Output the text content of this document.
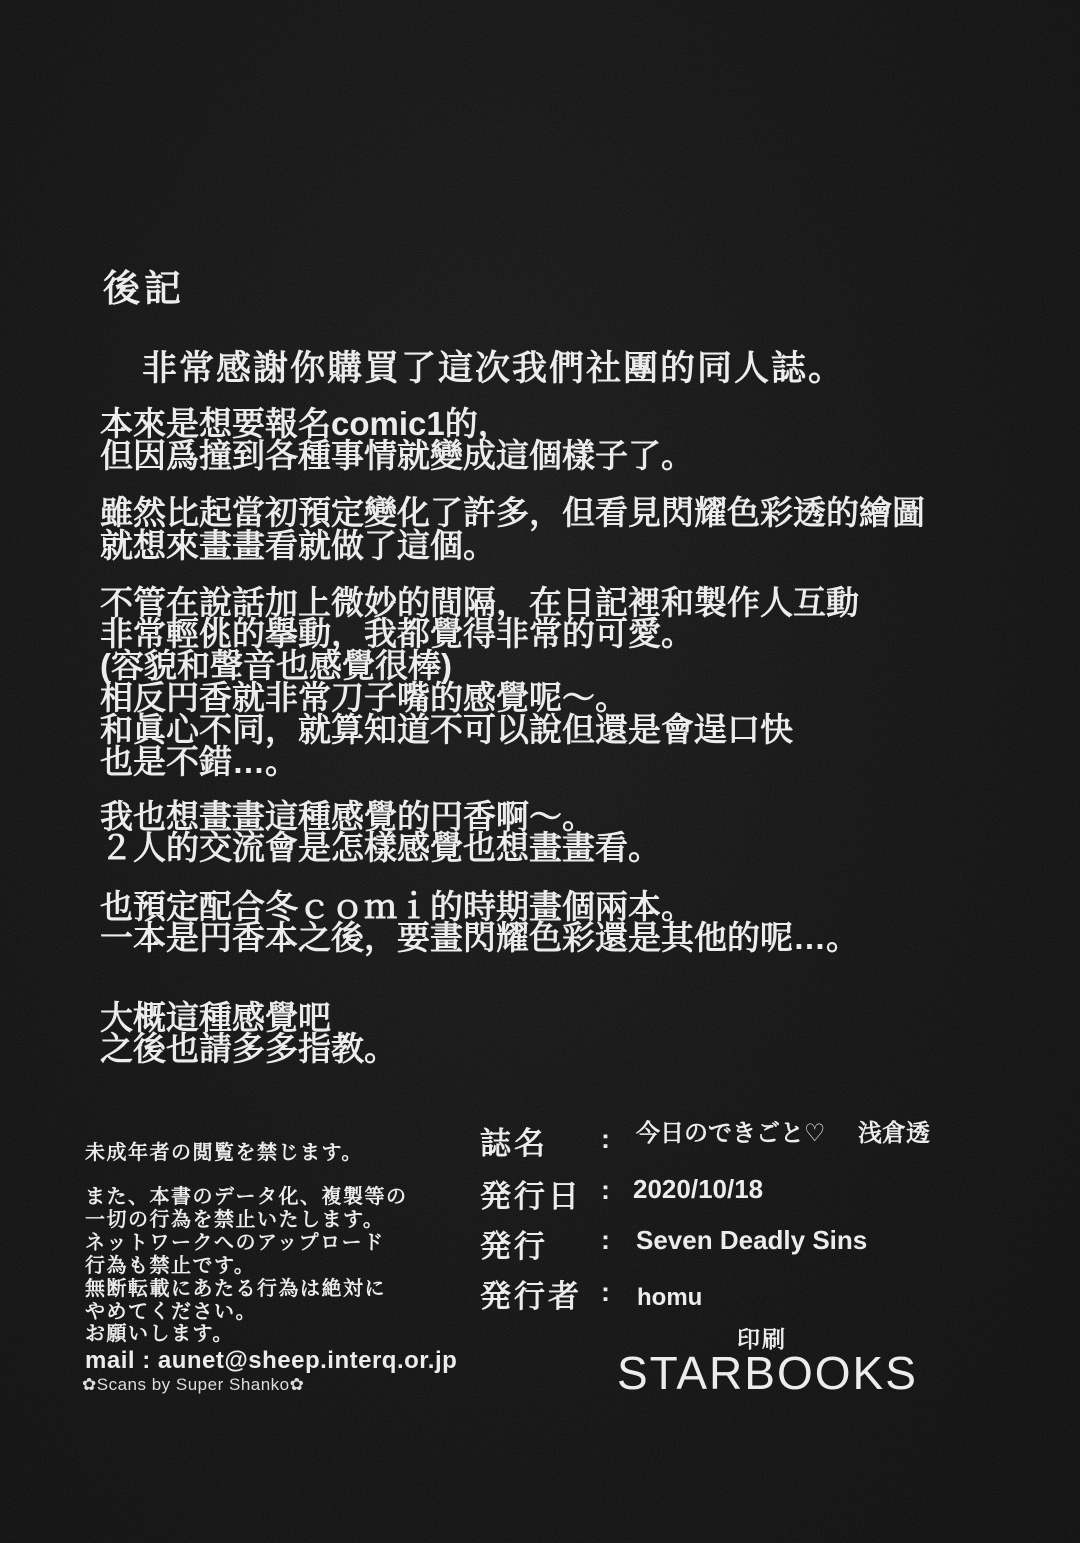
後記
非常感謝你購買了這次我們社團的同人誌。
本來是想要報名comic1的，
但因爲撞到各種事情就變成這個樣子了。
雖然比起當初預定變化了許多，但看見閃耀色彩透的繪圖
就想來畫畫看就做了這個。
不管在說話加上微妙的間隔，在日記裡和製作人互動
非常輕佻的擧動，我都覺得非常的可愛。
(容貌和聲音也感覺很棒)
相反円香就非常刀子嘴的感覺呢～。
和眞心不同，就算知道不可以說但還是會逞口快
也是不錯…。
我也想畫畫這種感覺的円香啊～。
２人的交流會是怎樣感覺也想畫畫看。
也預定配合冬ｃｏｍｉ的時期畫個兩本。
一本是円香本之後，要畫閃耀色彩還是其他的呢…。
大概這種感覺吧
之後也請多多指教。
未成年者の閲覧を禁じます。
また、本書のデータ化、複製等の
一切の行為を禁止いたします。
ネットワークへのアップロード
行為も禁止です。
無断転載にあたる行為は絶対に
やめてください。
お願いします。
mail : aunet@sheep.interq.or.jp
✿Scans by Super Shanko✿
誌名 : 今日のできごと♡ 浅倉透
発行日 : 2020/10/18
発行 : Seven Deadly Sins
発行者 : homu
印刷
STARBOOKS
